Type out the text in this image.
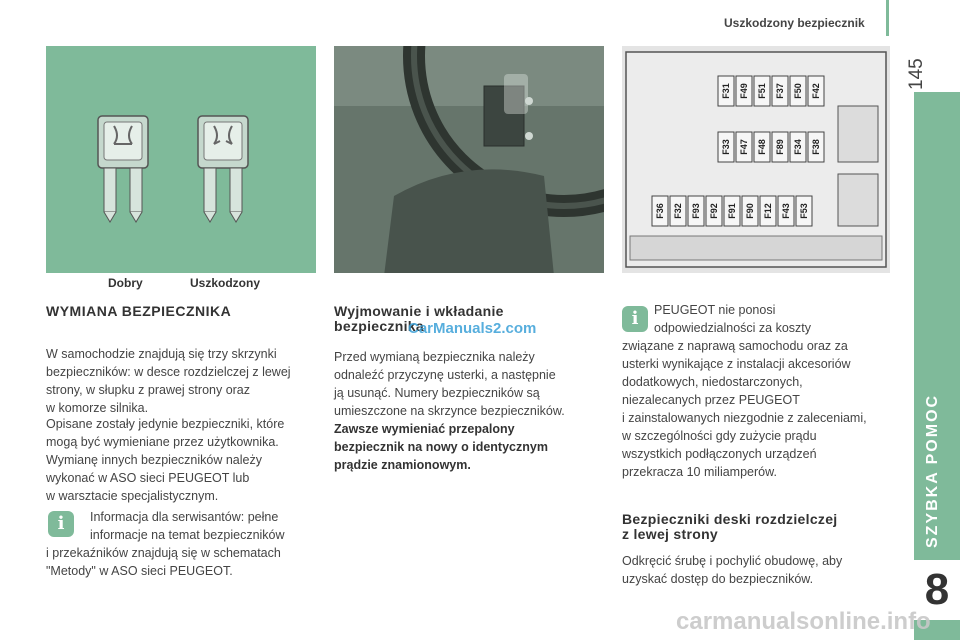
Uszkodzony bezpiecznik
145
SZYBKA POMOC
8
Dobry	Uszkodzony
F31 F49 F51 F37 F50 F42
F33 F47 F48 F89 F34 F38
F36 F32 F93 F92 F91 F90 F12 F43 F53
WYMIANA BEZPIECZNIKA
W samochodzie znajdują się trzy skrzynki
bezpieczników: w desce rozdzielczej z lewej
strony, w słupku z prawej strony oraz
w komorze silnika.
Opisane zostały jedynie bezpieczniki, które
mogą być wymieniane przez użytkownika.
Wymianę innych bezpieczników należy
wykonać w ASO sieci PEUGEOT lub
w warsztacie specjalistycznym.
i	Informacja dla serwisantów: pełne
informacje na temat bezpieczników
i przekaźników znajdują się w schematach
"Metody" w ASO sieci PEUGEOT.
Wyjmowanie i wkładanie
bezpiecznika
CarManuals2.com
Przed wymianą bezpiecznika należy
odnaleźć przyczynę usterki, a następnie
ją usunąć. Numery bezpieczników są
umieszczone na skrzynce bezpieczników.
Zawsze wymieniać przepalony
bezpiecznik na nowy o identycznym
prądzie znamionowym.
i	PEUGEOT nie ponosi
odpowiedzialności za koszty
związane z naprawą samochodu oraz za
usterki wynikające z instalacji akcesoriów
dodatkowych, niedostarczonych,
niezalecanych przez PEUGEOT
i zainstalowanych niezgodnie z zaleceniami,
w szczególności gdy zużycie prądu
wszystkich podłączonych urządzeń
przekracza 10 miliamperów.
Bezpieczniki deski rozdzielczej
z lewej strony
Odkręcić śrubę i pochylić obudowę, aby
uzyskać dostęp do bezpieczników.
carmanualsonline.info
